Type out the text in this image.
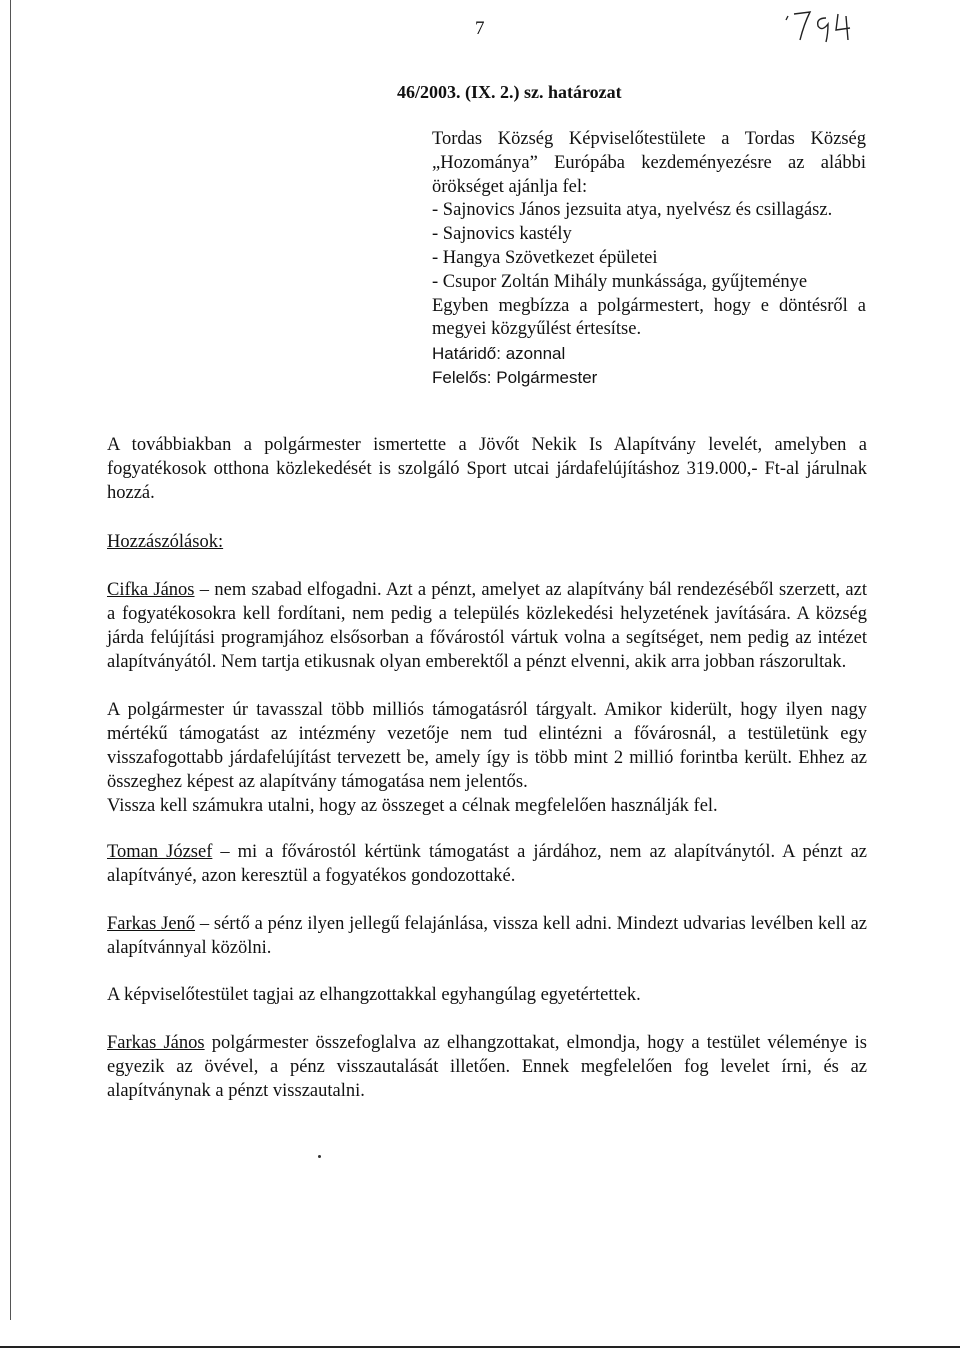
7
46/2003. (IX. 2.) sz. határozat

Tordas Község Képviselőtestülete a Tordas Község „Hozománya” Európába kezdeményezésre az alábbi örökséget ajánlja fel:

- Sajnovics János jezsuita atya, nyelvész és csillagász.

- Sajnovics kastély

- Hangya Szövetkezet épületei

- Csupor Zoltán Mihály munkássága, gyűjteménye

Egyben megbízza a polgármestert, hogy e döntésről a megyei közgyűlést értesítse.

Határidő: azonnal

Felelős: Polgármester

A továbbiakban a polgármester ismertette a Jövőt Nekik Is Alapítvány levelét, amelyben a fogyatékosok otthona közlekedését is szolgáló Sport utcai járdafelújításhoz 319.000,- Ft-al járulnak hozzá.

Hozzászólások:

Cifka János – nem szabad elfogadni. Azt a pénzt, amelyet az alapítvány bál rendezéséből szerzett, azt a fogyatékosokra kell fordítani, nem pedig a település közlekedési helyzetének javítására. A község járda felújítási programjához elsősorban a fővárostól vártuk volna a segítséget, nem pedig az intézet alapítványától. Nem tartja etikusnak olyan emberektől a pénzt elvenni, akik arra jobban rászorultak.
A polgármester úr tavasszal több milliós támogatásról tárgyalt. Amikor kiderült, hogy ilyen nagy mértékű támogatást az intézmény vezetője nem tud elintézni a fővárosnál, a testületünk egy visszafogottabb járdafelújítást tervezett be, amely így is több mint 2 millió forintba került. Ehhez az összeghez képest az alapítvány támogatása nem jelentős.
Vissza kell számukra utalni, hogy az összeget a célnak megfelelően használják fel.
Toman József – mi a fővárostól kértünk támogatást a járdához, nem az alapítványtól. A pénzt az alapítványé, azon keresztül a fogyatékos gondozottaké.
Farkas Jenő – sértő a pénz ilyen jellegű felajánlása, vissza kell adni. Mindezt udvarias levélben kell az alapítvánnyal közölni.

A képviselőtestület tagjai az elhangzottakkal egyhangúlag egyetértettek.

Farkas János polgármester összefoglalva az elhangzottakat, elmondja, hogy a testület véleménye is egyezik az övével, a pénz visszautalását illetően. Ennek megfelelően fog levelet írni, és az alapítványnak a pénzt visszautalni.
